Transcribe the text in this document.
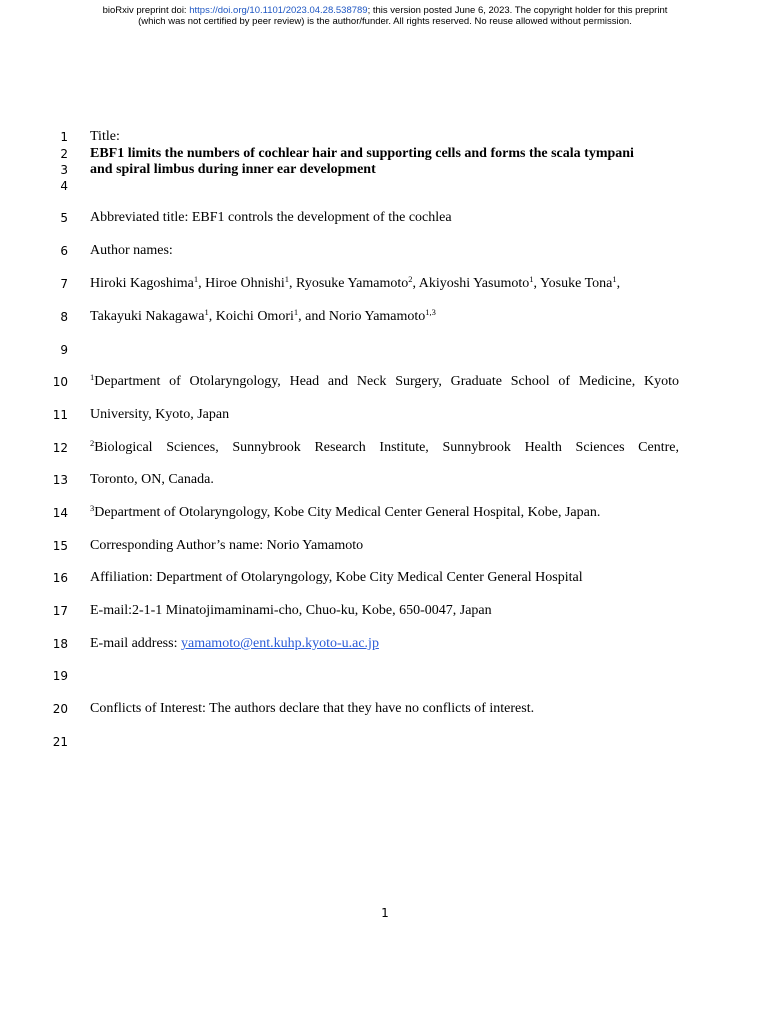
bioRxiv preprint doi: https://doi.org/10.1101/2023.04.28.538789; this version posted June 6, 2023. The copyright holder for this preprint
(which was not certified by peer review) is the author/funder. All rights reserved. No reuse allowed without permission.
1
2
3
4
5
6
7
8
9
10
11
12
13
14
15
16
17
18
19
20
21
Title:
EBF1 limits the numbers of cochlear hair and supporting cells and forms the scala tympani
and spiral limbus during inner ear development
Abbreviated title: EBF1 controls the development of the cochlea
Author names:
Hiroki Kagoshima$^1$, Hiroe Ohnishi$^1$, Ryosuke Yamamoto$^2$, Akiyoshi Yasumoto$^1$, Yosuke Tona$^1$,
Takayuki Nakagawa$^1$, Koichi Omori$^1$, and Norio Yamamoto$^{1,3}$
$^1$Department of Otolaryngology, Head and Neck Surgery, Graduate School of Medicine, Kyoto
University, Kyoto, Japan
$^2$Biological Sciences, Sunnybrook Research Institute, Sunnybrook Health Sciences Centre,
Toronto, ON, Canada.
$^3$Department of Otolaryngology, Kobe City Medical Center General Hospital, Kobe, Japan.
Corresponding Author’s name: Norio Yamamoto
Affiliation: Department of Otolaryngology, Kobe City Medical Center General Hospital
E-mail:2-1-1 Minatojimaminami-cho, Chuo-ku, Kobe, 650-0047, Japan
E-mail address: yamamoto@ent.kuhp.kyoto-u.ac.jp
Conflicts of Interest: The authors declare that they have no conflicts of interest.
1
